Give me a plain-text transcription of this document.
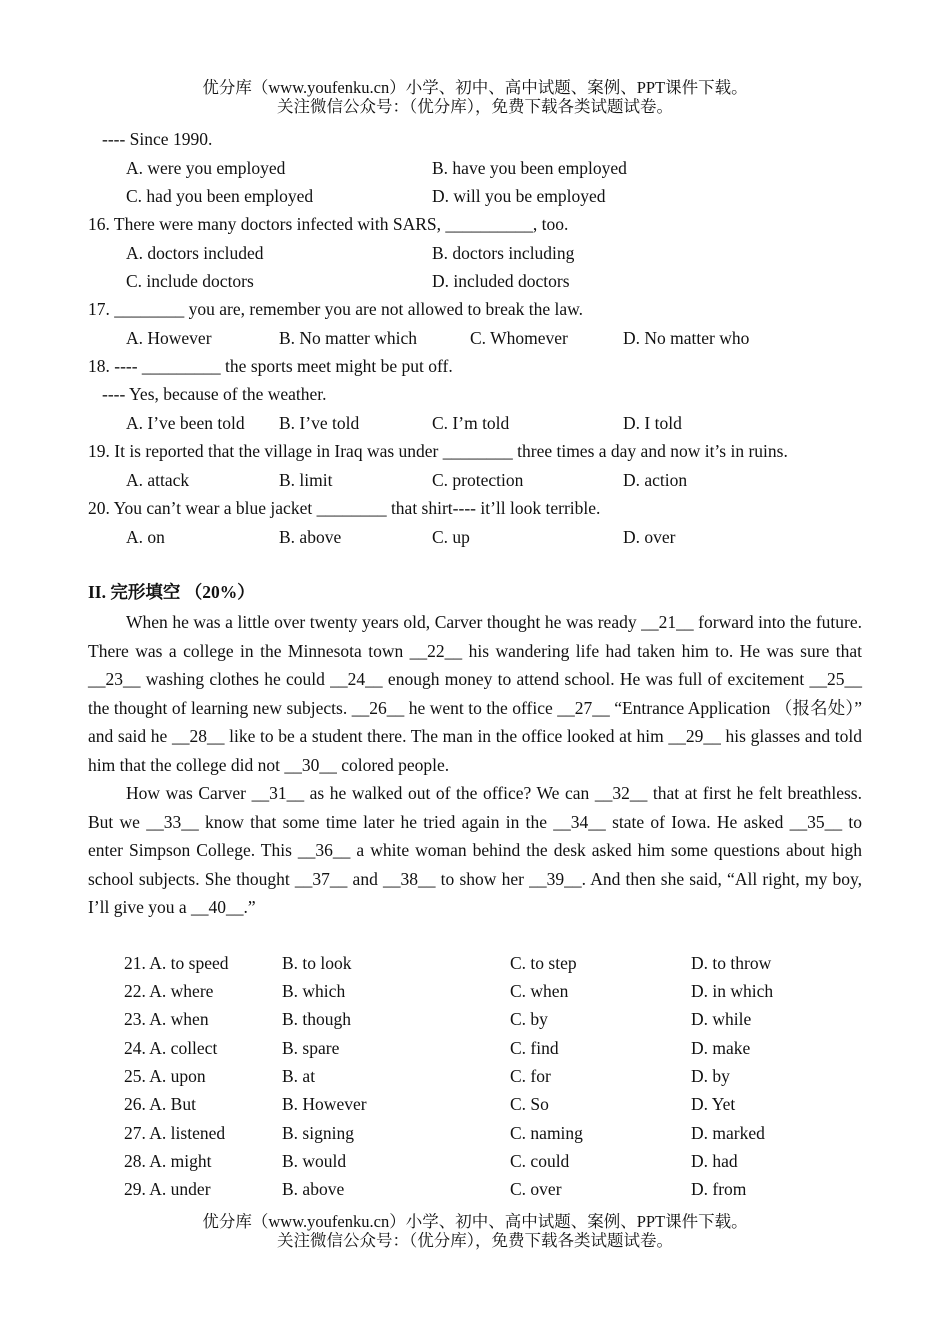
优分库（www.youfenku.cn）小学、初中、高中试题、案例、PPT课件下载。
关注微信公众号：（优分库），免费下载各类试题试卷。
---- Since 1990.
A. were you employed	B. have you been employed
C. had you been employed	D. will you be employed
16. There were many doctors infected with SARS, __________, too.
A. doctors included	B. doctors including
C. include doctors	D. included doctors
17. ________ you are, remember you are not allowed to break the law.
A. However	B. No matter which	C. Whomever	D. No matter who
18. ---- _________ the sports meet might be put off.
---- Yes, because of the weather.
A. I’ve been told B. I’ve told	C. I’m told	D. I told
19. It is reported that the village in Iraq was under ________ three times a day and now it’s in ruins.
A. attack	B. limit	C. protection	D. action
20. You can’t wear a blue jacket ________ that shirt---- it’ll look terrible.
A. on	B. above	C. up	D. over
II. 完形填空 （20%）

When he was a little over twenty years old, Carver thought he was ready __21__ forward into the future. There was a college in the Minnesota town __22__ his wandering life had taken him to. He was sure that __23__ washing clothes he could __24__ enough money to attend school. He was full of excitement __25__ the thought of learning new subjects. __26__ he went to the office __27__ “Entrance Application （报名处）” and said he __28__ like to be a student there. The man in the office looked at him __29__ his glasses and told him that the college did not __30__ colored people.

How was Carver __31__ as he walked out of the office? We can __32__ that at first he felt breathless. But we __33__ know that some time later he tried again in the __34__ state of Iowa. He asked __35__ to enter Simpson College. This __36__ a white woman behind the desk asked him some questions about high school subjects. She thought __37__ and __38__ to show her __39__. And then she said, “All right, my boy, I’ll give you a __40__.”

21. A. to speed	B. to look	C. to step	D. to throw
22. A. where	B. which	C. when	D. in which
23. A. when	B. though	C. by	D. while
24. A. collect	B. spare	C. find	D. make
25. A. upon	B. at	C. for	D. by
26. A. But	B. However	C. So	D. Yet
27. A. listened	B. signing	C. naming	D. marked
28. A. might	B. would	C. could	D. had
29. A. under	B. above	C. over	D. from
优分库（www.youfenku.cn）小学、初中、高中试题、案例、PPT课件下载。
关注微信公众号：（优分库），免费下载各类试题试卷。
